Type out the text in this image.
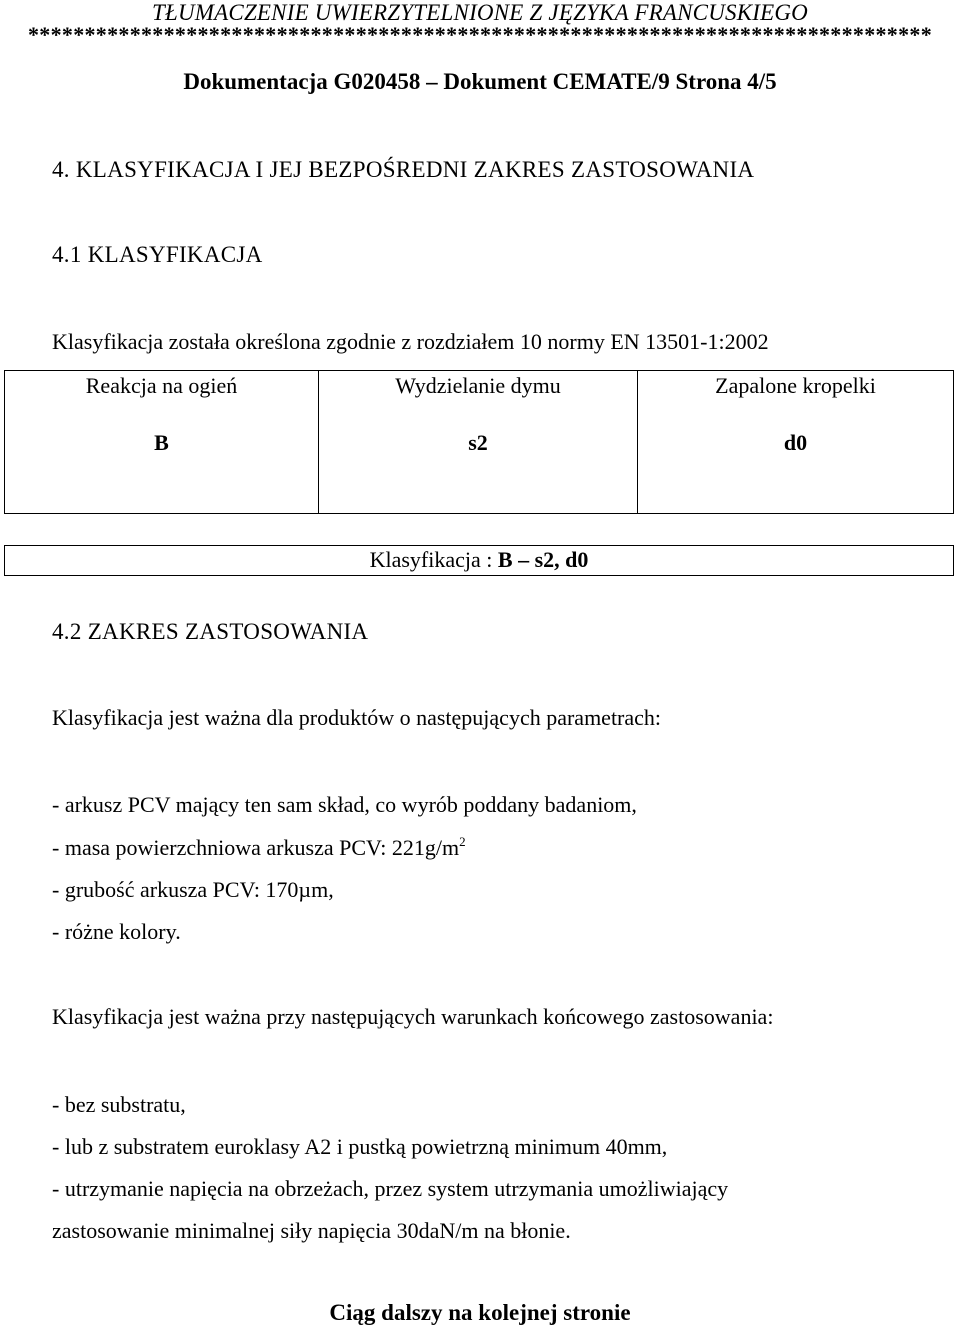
TŁUMACZENIE UWIERZYTELNIONE Z JĘZYKA FRANCUSKIEGO
********************************************************************************
Dokumentacja G020458 – Dokument CEMATE/9 Strona 4/5
4. KLASYFIKACJA I JEJ BEZPOŚREDNI ZAKRES ZASTOSOWANIA
4.1 KLASYFIKACJA
Klasyfikacja została określona zgodnie z rozdziałem 10 normy EN 13501-1:2002
Reakcja na ogień
B
Wydzielanie dymu
s2
Zapalone kropelki
d0
Klasyfikacja : B – s2, d0
4.2 ZAKRES ZASTOSOWANIA
Klasyfikacja jest ważna dla produktów o następujących parametrach:
- arkusz PCV mający ten sam skład, co wyrób poddany badaniom,
- masa powierzchniowa arkusza PCV: $221g/m^2$
- grubość arkusza PCV: 170µm,
- różne kolory.
Klasyfikacja jest ważna przy następujących warunkach końcowego zastosowania:
- bez substratu,
- lub z substratem euroklasy A2 i pustką powietrzną minimum 40mm,
- utrzymanie napięcia na obrzeżach, przez system utrzymania umożliwiający
zastosowanie minimalnej siły napięcia 30daN/m na błonie.
Ciąg dalszy na kolejnej stronie
